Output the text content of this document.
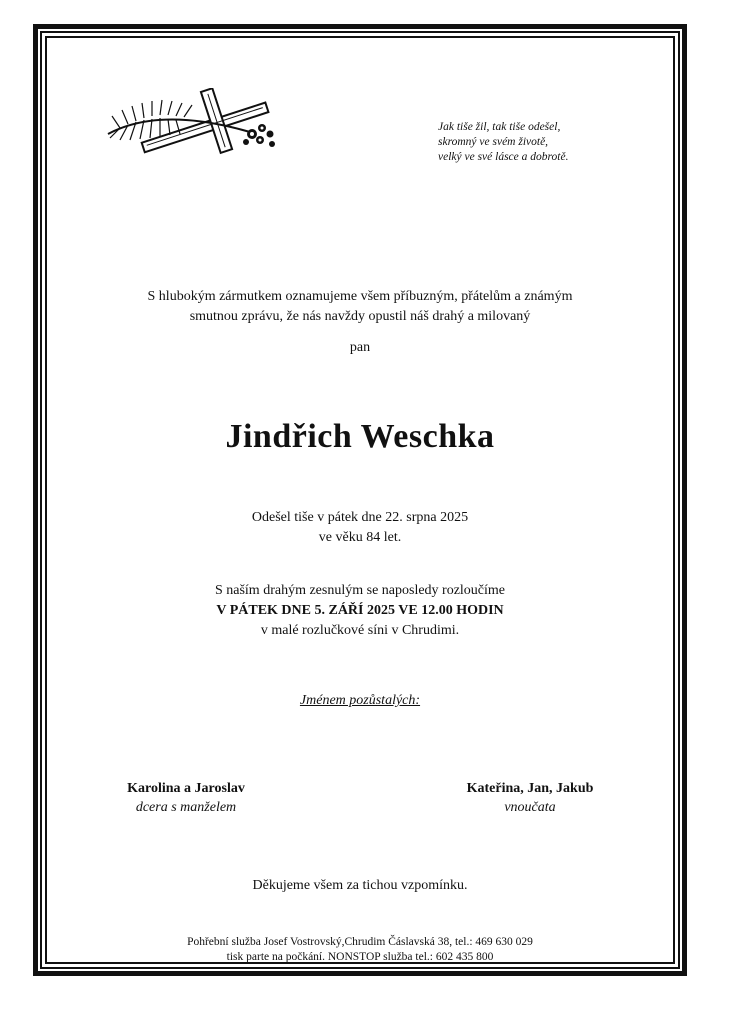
Jak tiše žil, tak tiše odešel,
skromný ve svém životě,
velký ve své lásce a dobrotě.
S hlubokým zármutkem oznamujeme všem příbuzným, přátelům a známým
smutnou zprávu, že nás navždy opustil náš drahý a milovaný
pan
Jindřich Weschka
Odešel tiše v pátek dne 22. srpna 2025
ve věku 84 let.
S naším drahým zesnulým se naposledy rozloučíme
V PÁTEK DNE 5. ZÁŘÍ 2025 VE 12.00 HODIN
v malé rozlučkové síni v Chrudimi.
Jménem pozůstalých:
Karolina a Jaroslav
dcera s manželem
Kateřina, Jan, Jakub
vnoučata
Děkujeme všem za tichou vzpomínku.
Pohřební služba Josef Vostrovský,Chrudim Čáslavská 38, tel.: 469 630 029
tisk parte na počkání. NONSTOP služba tel.: 602 435 800
